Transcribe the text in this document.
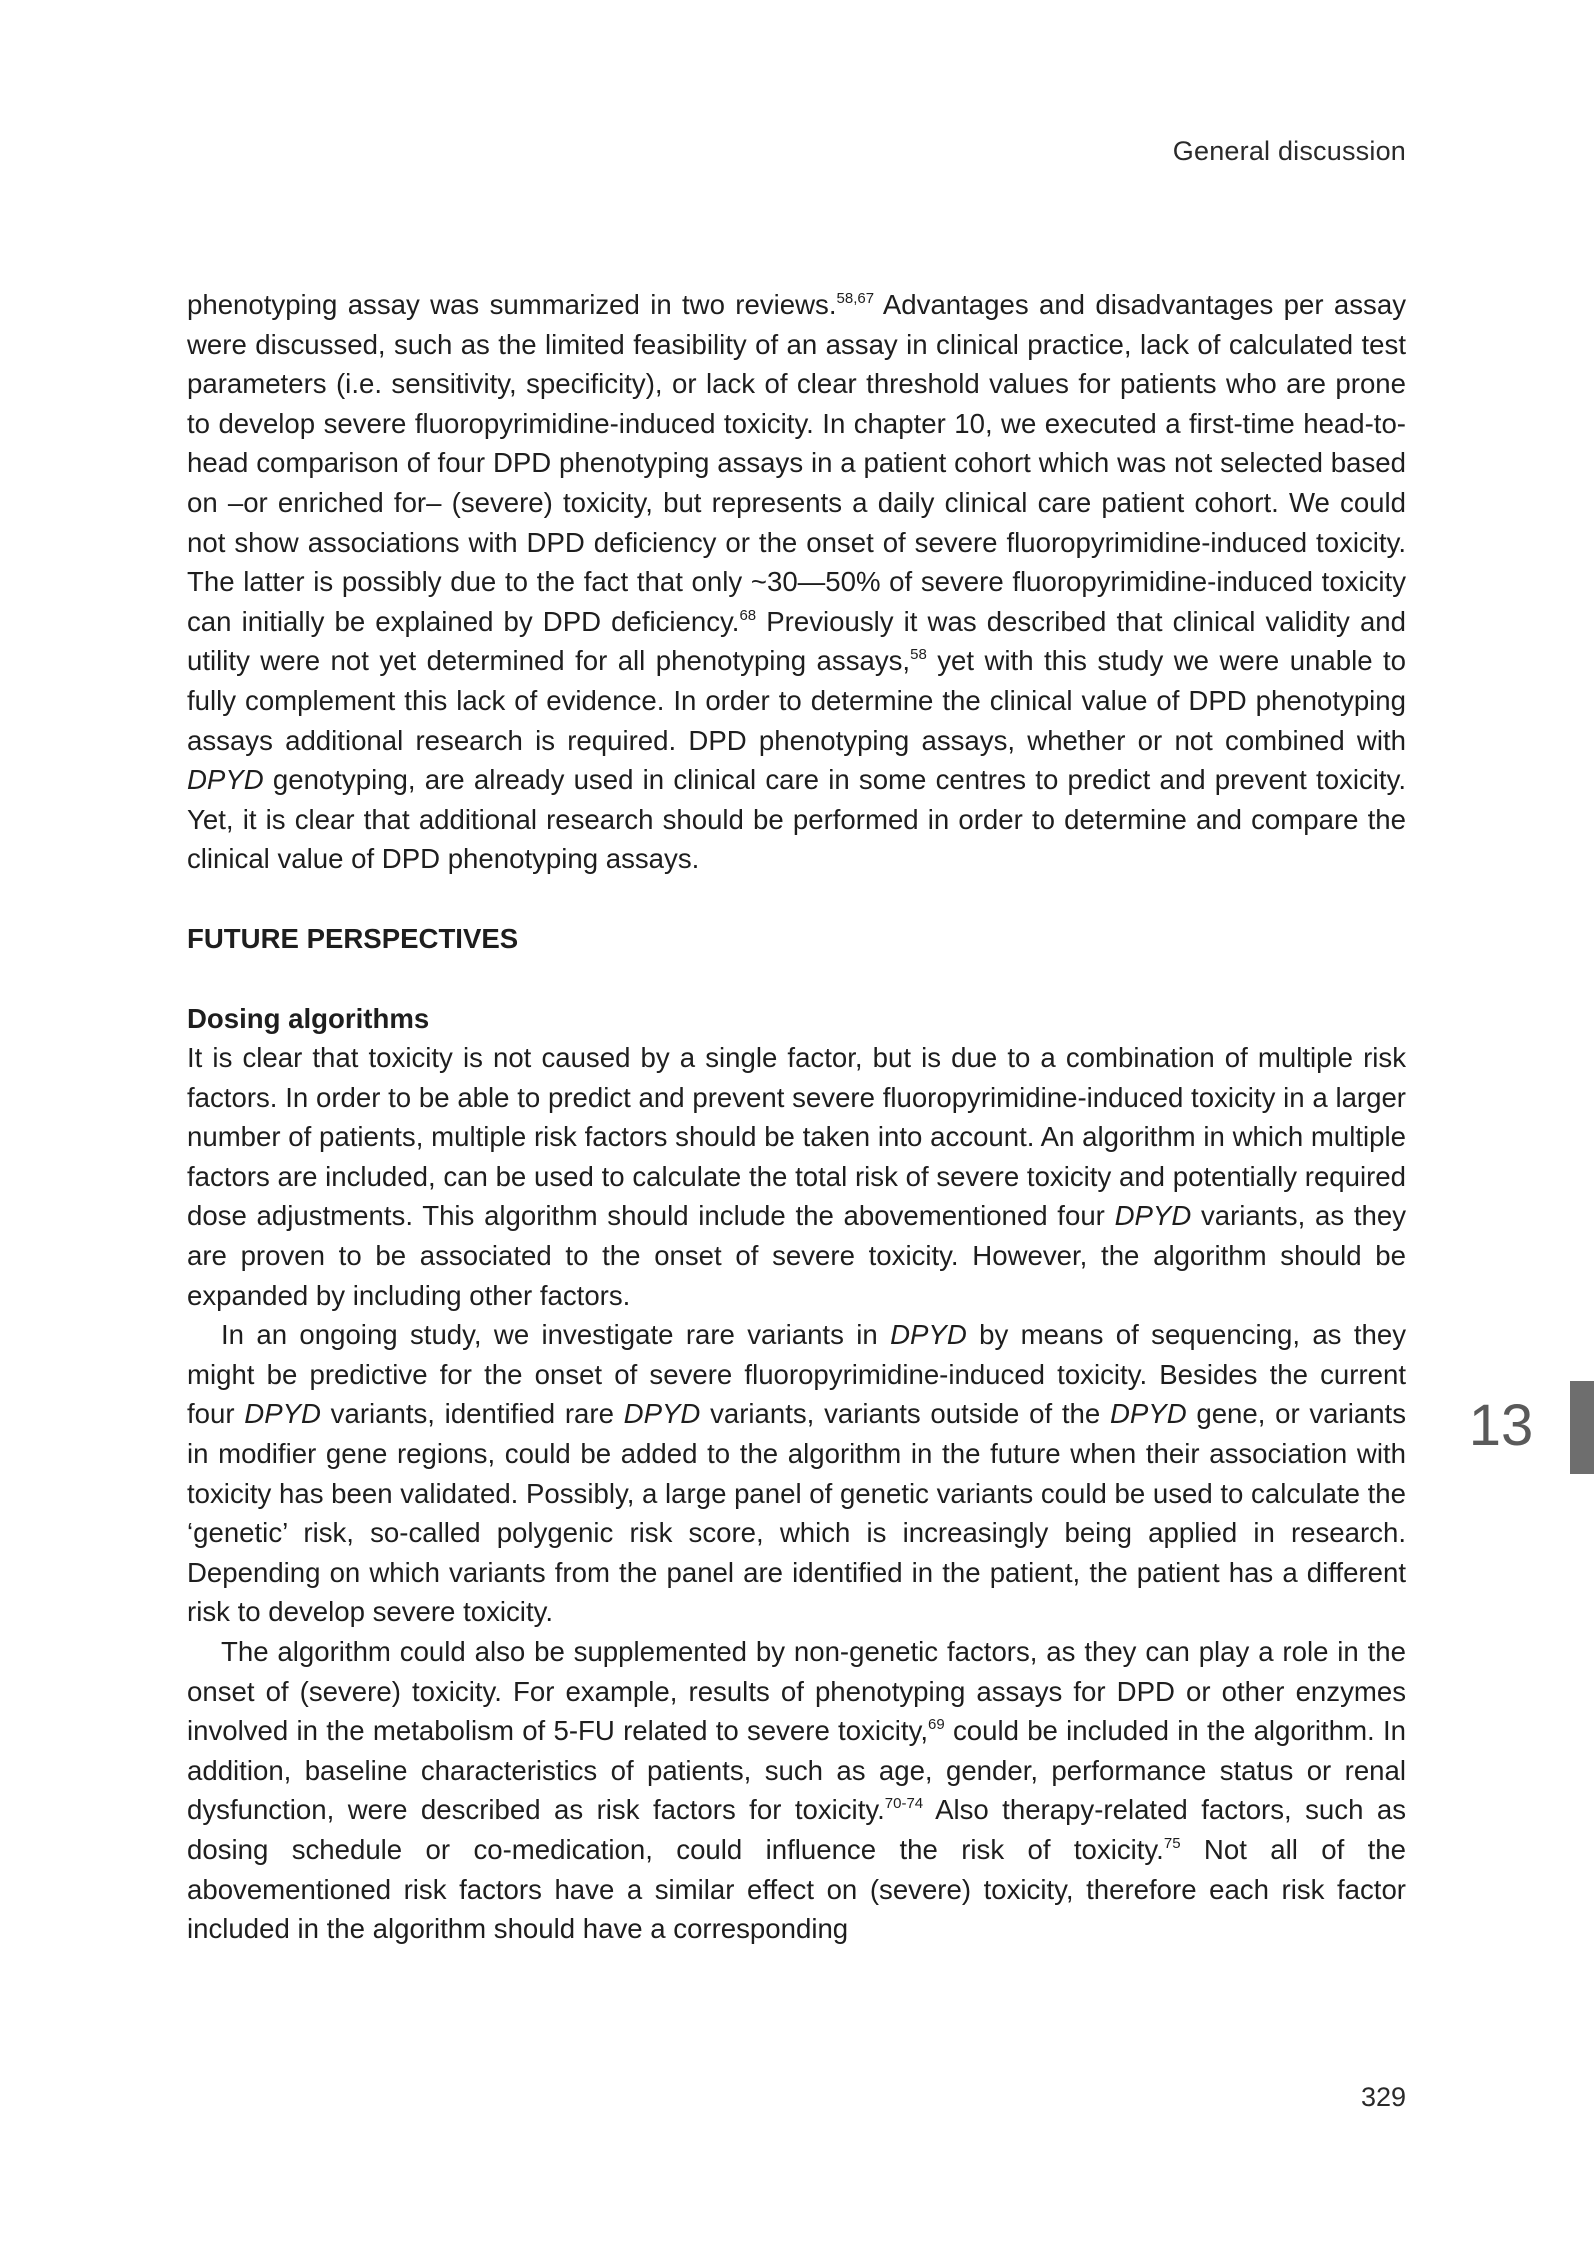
General discussion

phenotyping assay was summarized in two reviews.$^{58,67}$ Advantages and disadvantages per assay were discussed, such as the limited feasibility of an assay in clinical practice, lack of calculated test parameters (i.e. sensitivity, specificity), or lack of clear threshold values for patients who are prone to develop severe fluoropyrimidine-induced toxicity. In chapter 10, we executed a first-time head-to-head comparison of four DPD phenotyping assays in a patient cohort which was not selected based on –or enriched for– (severe) toxicity, but represents a daily clinical care patient cohort. We could not show associations with DPD deficiency or the onset of severe fluoropyrimidine-induced toxicity. The latter is possibly due to the fact that only ~30—50% of severe fluoropyrimidine-induced toxicity can initially be explained by DPD deficiency.$^{68}$ Previously it was described that clinical validity and utility were not yet determined for all phenotyping assays,$^{58}$ yet with this study we were unable to fully complement this lack of evidence. In order to determine the clinical value of DPD phenotyping assays additional research is required. DPD phenotyping assays, whether or not combined with DPYD genotyping, are already used in clinical care in some centres to predict and prevent toxicity. Yet, it is clear that additional research should be performed in order to determine and compare the clinical value of DPD phenotyping assays.

FUTURE PERSPECTIVES
Dosing algorithms

It is clear that toxicity is not caused by a single factor, but is due to a combination of multiple risk factors. In order to be able to predict and prevent severe fluoropyrimidine-induced toxicity in a larger number of patients, multiple risk factors should be taken into account. An algorithm in which multiple factors are included, can be used to calculate the total risk of severe toxicity and potentially required dose adjustments. This algorithm should include the abovementioned four DPYD variants, as they are proven to be associated to the onset of severe toxicity. However, the algorithm should be expanded by including other factors.

In an ongoing study, we investigate rare variants in DPYD by means of sequencing, as they might be predictive for the onset of severe fluoropyrimidine-induced toxicity. Besides the current four DPYD variants, identified rare DPYD variants, variants outside of the DPYD gene, or variants in modifier gene regions, could be added to the algorithm in the future when their association with toxicity has been validated. Possibly, a large panel of genetic variants could be used to calculate the ‘genetic’ risk, so-called polygenic risk score, which is increasingly being applied in research. Depending on which variants from the panel are identified in the patient, the patient has a different risk to develop severe toxicity.

The algorithm could also be supplemented by non-genetic factors, as they can play a role in the onset of (severe) toxicity. For example, results of phenotyping assays for DPD or other enzymes involved in the metabolism of 5-FU related to severe toxicity,$^{69}$ could be included in the algorithm. In addition, baseline characteristics of patients, such as age, gender, performance status or renal dysfunction, were described as risk factors for toxicity.$^{70-74}$ Also therapy-related factors, such as dosing schedule or co-medication, could influence the risk of toxicity.$^{75}$ Not all of the abovementioned risk factors have a similar effect on (severe) toxicity, therefore each risk factor included in the algorithm should have a corresponding

13
329
